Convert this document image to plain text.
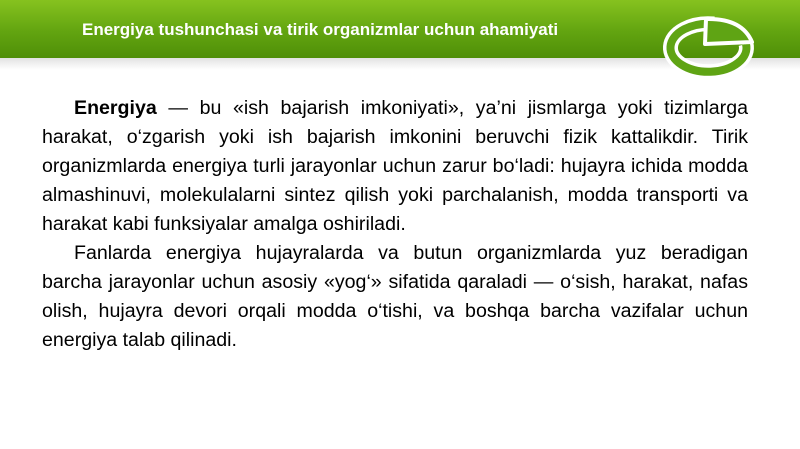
Energiya tushunchasi va tirik organizmlar uchun ahamiyati

Energiya — bu «ish bajarish imkoniyati», ya’ni jismlarga yoki tizimlarga harakat, o‘zgarish yoki ish bajarish imkonini beruvchi fizik kattalikdir. Tirik organizmlarda energiya turli jarayonlar uchun zarur bo‘ladi: hujayra ichida modda almashinuvi, molekulalarni sintez qilish yoki parchalanish, modda transporti va harakat kabi funksiyalar amalga oshiriladi.

Fanlarda energiya hujayralarda va butun organizmlarda yuz beradigan barcha jarayonlar uchun asosiy «yog‘» sifatida qaraladi — o‘sish, harakat, nafas olish, hujayra devori orqali modda o‘tishi, va boshqa barcha vazifalar uchun energiya talab qilinadi.
